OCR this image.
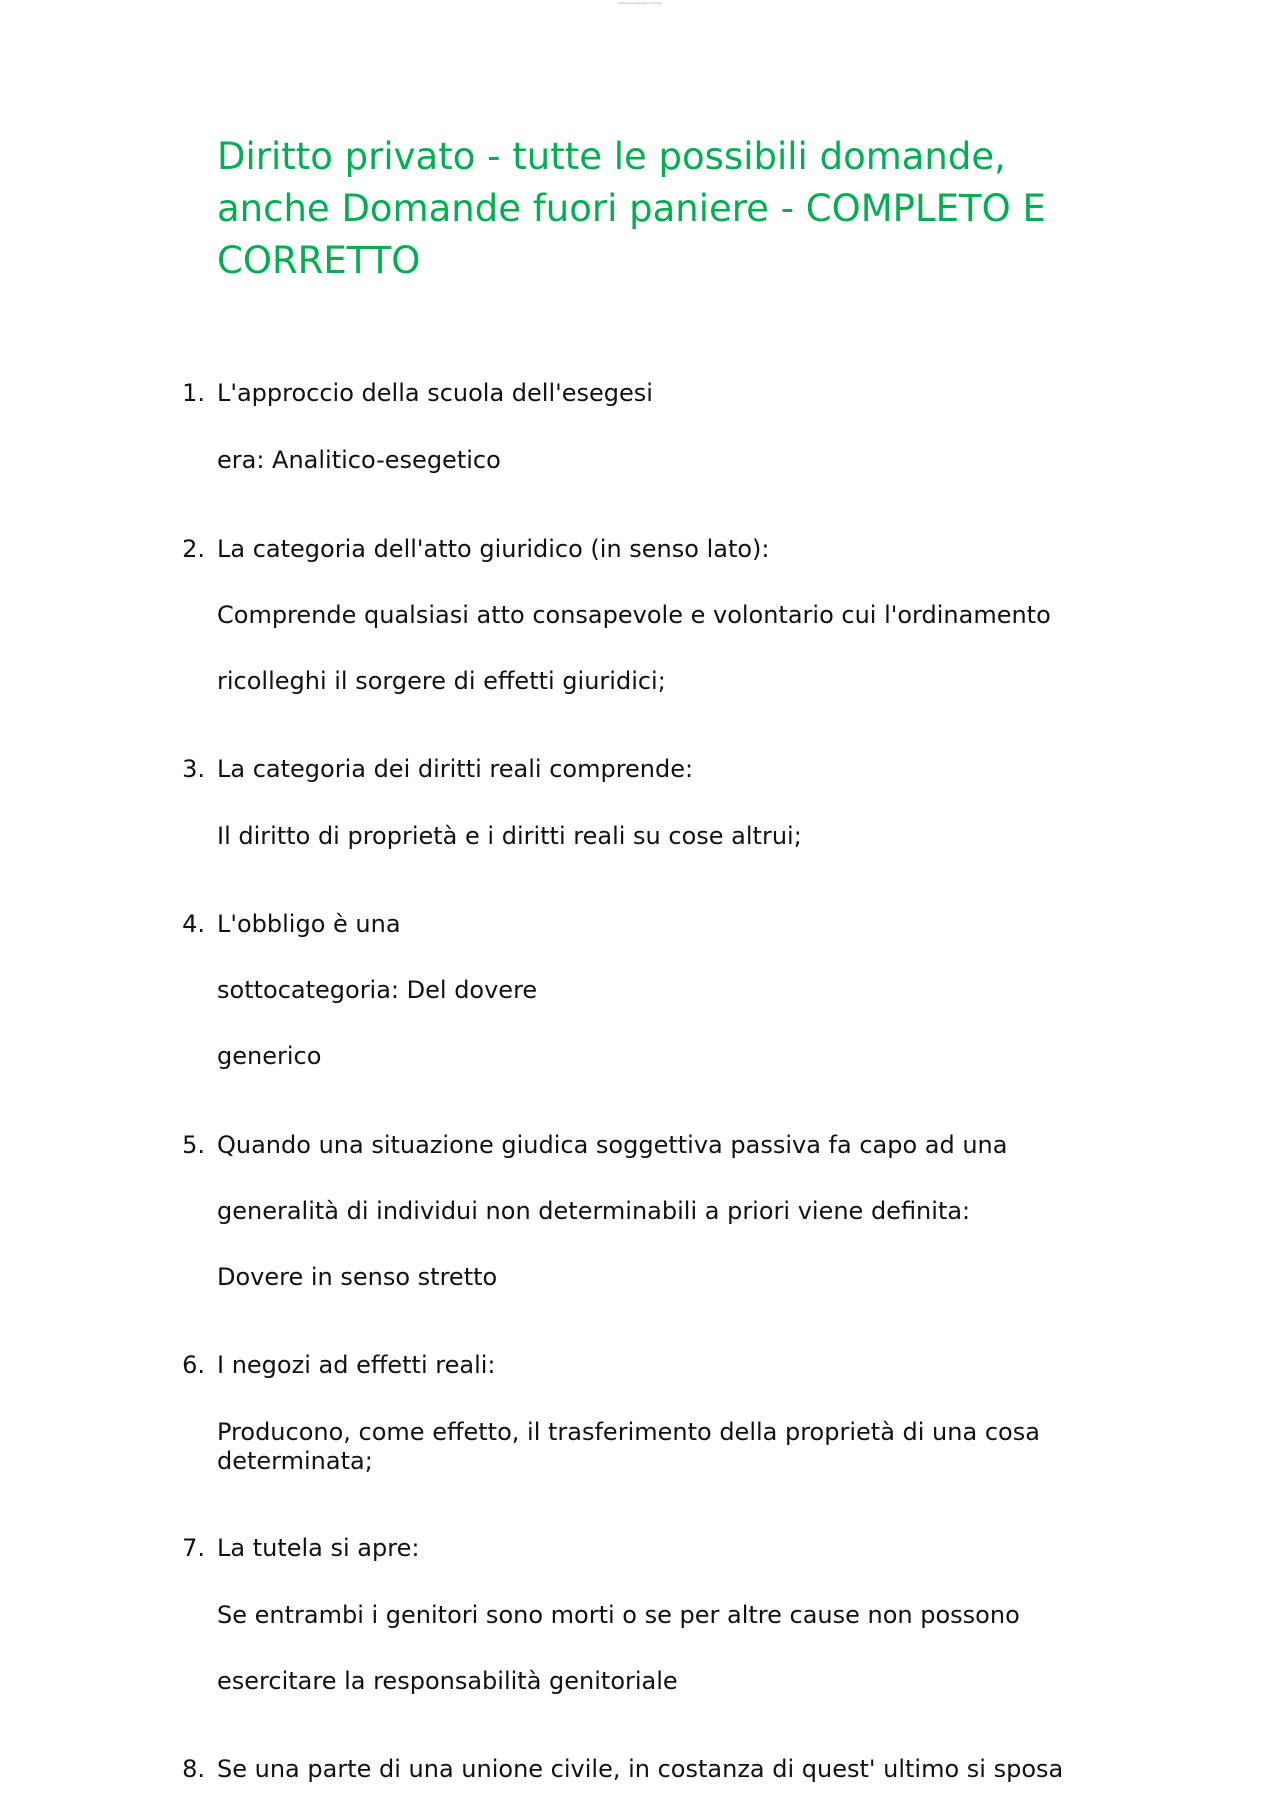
Document shared on docsity
Diritto privato - tutte le possibili domande, anche Domande fuori paniere - COMPLETO E CORRETTO
1. L'approccio della scuola dell'esegesi
era: Analitico-esegetico
2. La categoria dell'atto giuridico (in senso lato):
Comprende qualsiasi atto consapevole e volontario cui l'ordinamento
ricolleghi il sorgere di effetti giuridici;
3. La categoria dei diritti reali comprende:
Il diritto di proprietà e i diritti reali su cose altrui;
4. L'obbligo è una
sottocategoria: Del dovere
generico
5. Quando una situazione giudica soggettiva passiva fa capo ad una
generalità di individui non determinabili a priori viene definita:
Dovere in senso stretto
6. I negozi ad effetti reali:
Producono, come effetto, il trasferimento della proprietà di una cosa
determinata;
7. La tutela si apre:
Se entrambi i genitori sono morti o se per altre cause non possono
esercitare la responsabilità genitoriale
8. Se una parte di una unione civile, in costanza di quest' ultimo si sposa
